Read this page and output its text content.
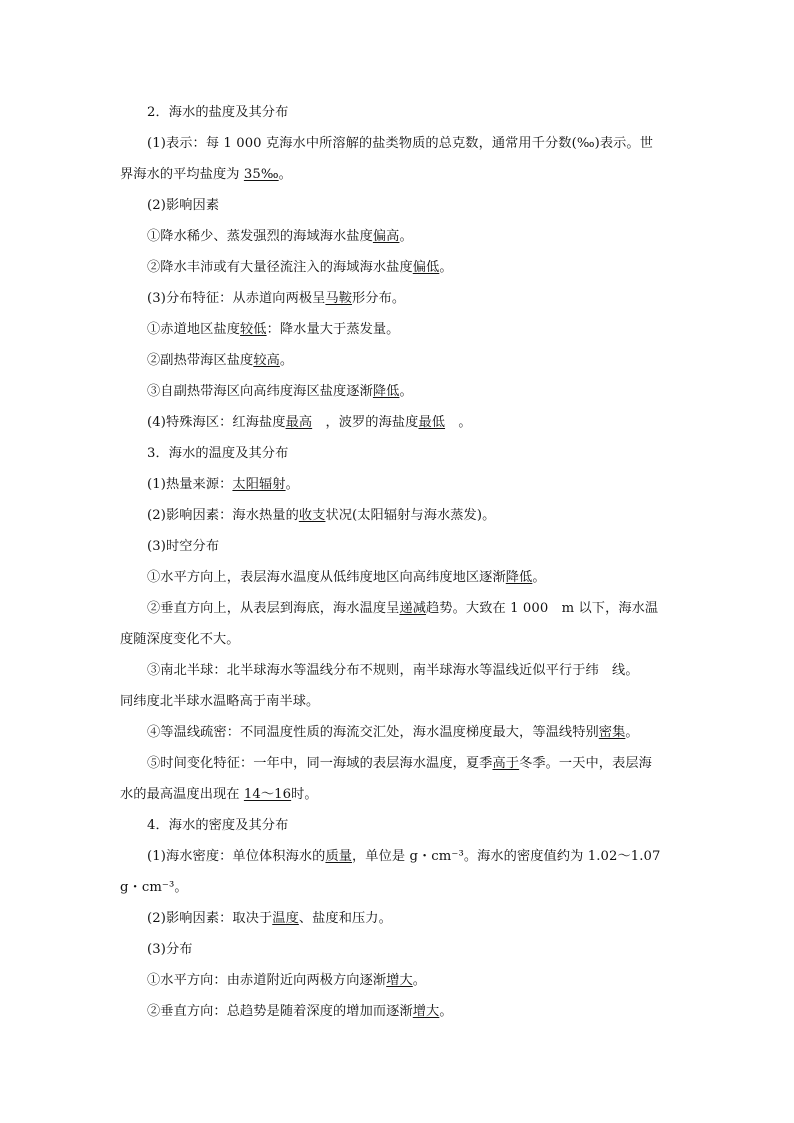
2．海水的盐度及其分布
(1)表示：每 1 000 克海水中所溶解的盐类物质的总克数，通常用千分数(‰)表示。世
界海水的平均盐度为 35‰。
(2)影响因素
①降水稀少、蒸发强烈的海域海水盐度偏高。
②降水丰沛或有大量径流注入的海域海水盐度偏低。
(3)分布特征：从赤道向两极呈马鞍形分布。
①赤道地区盐度较低：降水量大于蒸发量。
②副热带海区盐度较高。
③自副热带海区向高纬度海区盐度逐渐降低。
(4)特殊海区：红海盐度最高　，波罗的海盐度最低　。
3．海水的温度及其分布
(1)热量来源：太阳辐射。
(2)影响因素：海水热量的收支状况(太阳辐射与海水蒸发)。
(3)时空分布
①水平方向上，表层海水温度从低纬度地区向高纬度地区逐渐降低。
②垂直方向上，从表层到海底，海水温度呈递减趋势。大致在 1 000　m 以下，海水温
度随深度变化不大。
③南北半球：北半球海水等温线分布不规则，南半球海水等温线近似平行于纬　线。
同纬度北半球水温略高于南半球。
④等温线疏密：不同温度性质的海流交汇处，海水温度梯度最大，等温线特别密集。
⑤时间变化特征：一年中，同一海域的表层海水温度，夏季高于冬季。一天中，表层海
水的最高温度出现在 14～16时。
4．海水的密度及其分布
(1)海水密度：单位体积海水的质量，单位是 g・cm⁻³。海水的密度值约为 1.02～1.07
g・cm⁻³。
(2)影响因素：取决于温度、盐度和压力。
(3)分布
①水平方向：由赤道附近向两极方向逐渐增大。
②垂直方向：总趋势是随着深度的增加而逐渐增大。
